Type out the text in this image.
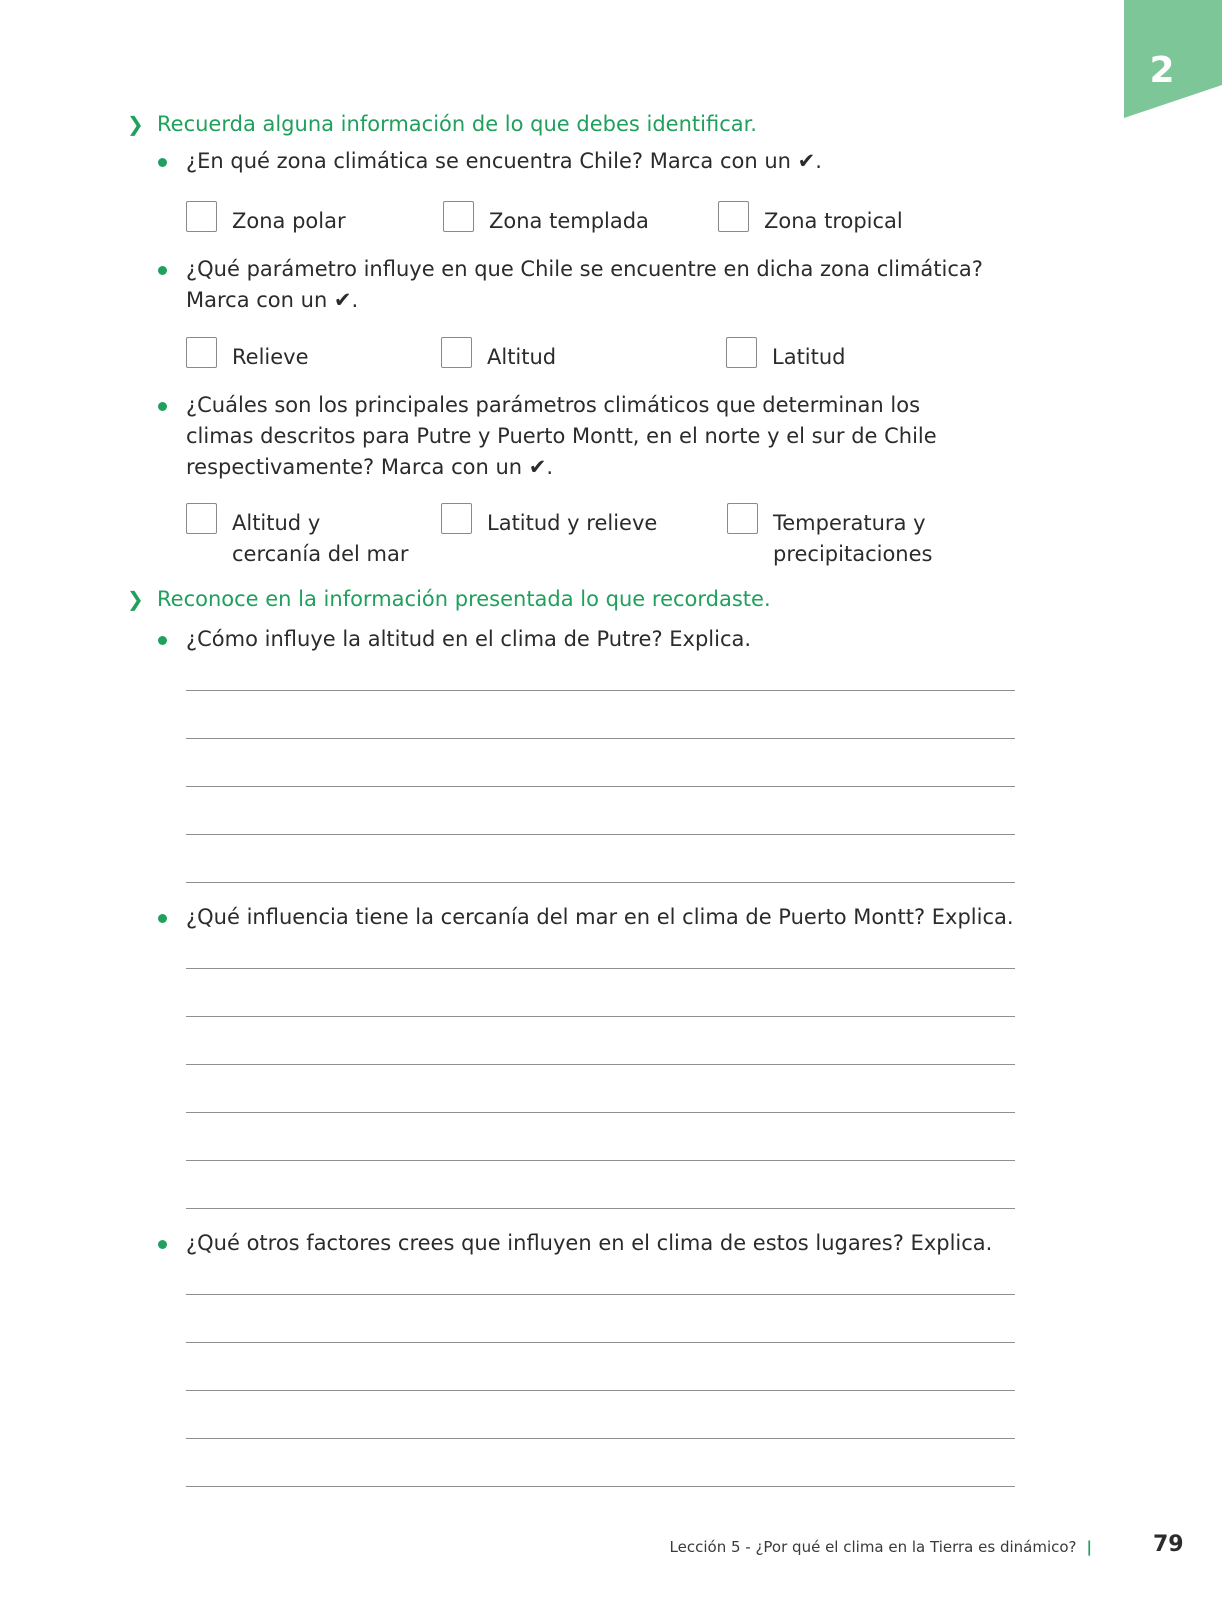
2
❯ Recuerda alguna información de lo que debes identificar.
¿En qué zona climática se encuentra Chile? Marca con un ✔.
Zona polar	Zona templada	Zona tropical
¿Qué parámetro influye en que Chile se encuentre en dicha zona climática?
Marca con un ✔.
Relieve	Altitud	Latitud
¿Cuáles son los principales parámetros climáticos que determinan los
climas descritos para Putre y Puerto Montt, en el norte y el sur de Chile
respectivamente? Marca con un ✔.
Altitud y
cercanía del mar
Latitud y relieve	Temperatura y
precipitaciones
❯ Reconoce en la información presentada lo que recordaste.
¿Cómo influye la altitud en el clima de Putre? Explica.
¿Qué influencia tiene la cercanía del mar en el clima de Puerto Montt? Explica.
¿Qué otros factores crees que influyen en el clima de estos lugares? Explica.
Lección 5 - ¿Por qué el clima en la Tierra es dinámico? |	79
